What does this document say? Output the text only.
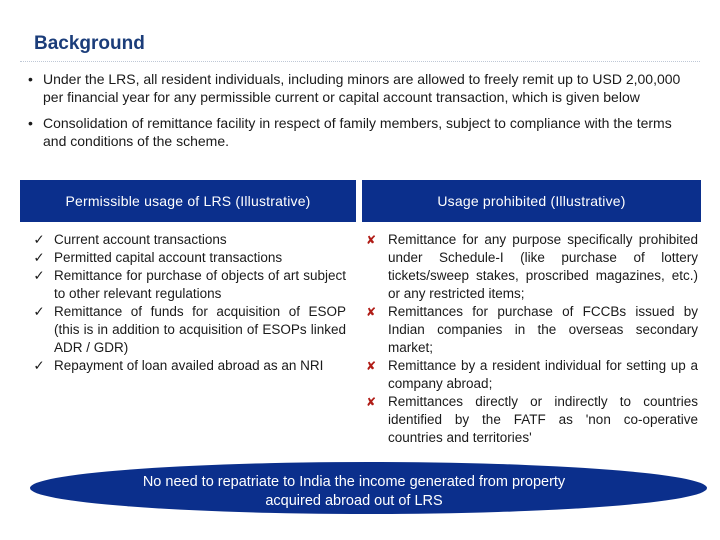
Background
• Under the LRS, all resident individuals, including minors are allowed to freely remit up to USD 2,00,000 per financial year for any permissible current or capital account transaction, which is given below
• Consolidation of remittance facility in respect of family members, subject to compliance with the terms and conditions of the scheme.
Permissible usage of LRS (Illustrative)	Usage prohibited (Illustrative)
✓ Current account transactions
✓ Permitted capital account transactions
✓ Remittance for purchase of objects of art subject to other relevant regulations
✓ Remittance of funds for acquisition of ESOP (this is in addition to acquisition of ESOPs linked ADR / GDR)
✓ Repayment of loan availed abroad as an NRI
✘ Remittance for any purpose specifically prohibited under Schedule-I (like purchase of lottery tickets/sweep stakes, proscribed magazines, etc.) or any restricted items;
✘ Remittances for purchase of FCCBs issued by Indian companies in the overseas secondary market;
✘ Remittance by a resident individual for setting up a company abroad;
✘ Remittances directly or indirectly to countries identified by the FATF as 'non co-operative countries and territories'
No need to repatriate to India the income generated from property acquired abroad out of LRS
